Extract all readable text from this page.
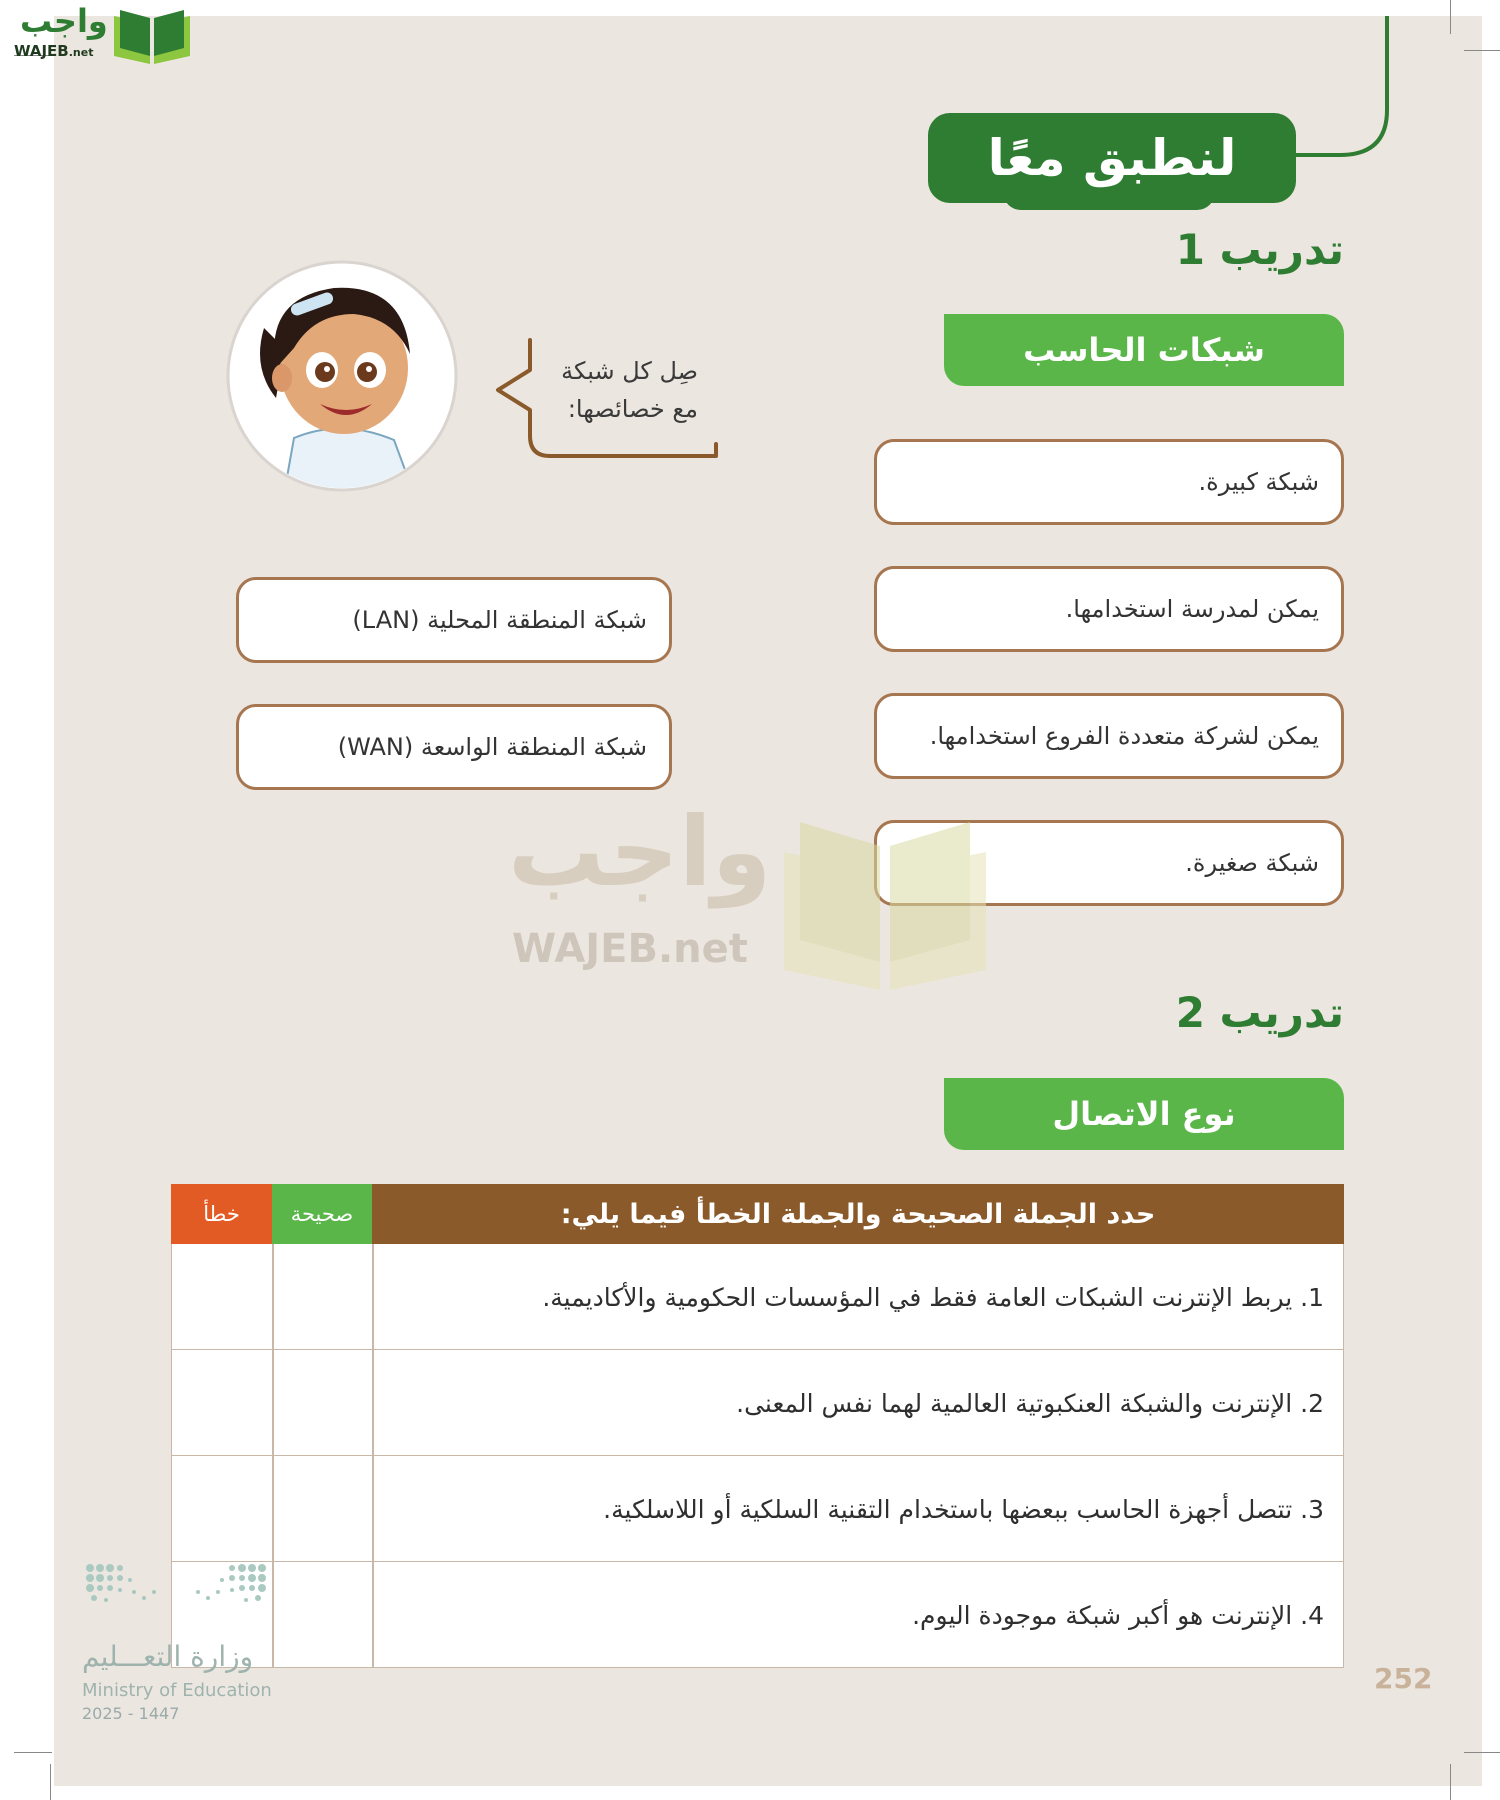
واجب
WAJEB.net
لنطبق معًا
تدريب 1
شبكات الحاسب
صِل كل شبكة
مع خصائصها:
شبكة كبيرة.
يمكن لمدرسة استخدامها.
يمكن لشركة متعددة الفروع استخدامها.
شبكة صغيرة.
شبكة المنطقة المحلية (LAN)
شبكة المنطقة الواسعة (WAN)
واجب
WAJEB.net
تدريب 2
نوع الاتصال
حدد الجملة الصحيحة والجملة الخطأ فيما يلي:
صحيحة
خطأ
1. يربط الإنترنت الشبكات العامة فقط في المؤسسات الحكومية والأكاديمية.
2. الإنترنت والشبكة العنكبوتية العالمية لهما نفس المعنى.
3. تتصل أجهزة الحاسب ببعضها باستخدام التقنية السلكية أو اللاسلكية.
4. الإنترنت هو أكبر شبكة موجودة اليوم.
وزارة التعـــليم
Ministry of Education
2025 - 1447
252
